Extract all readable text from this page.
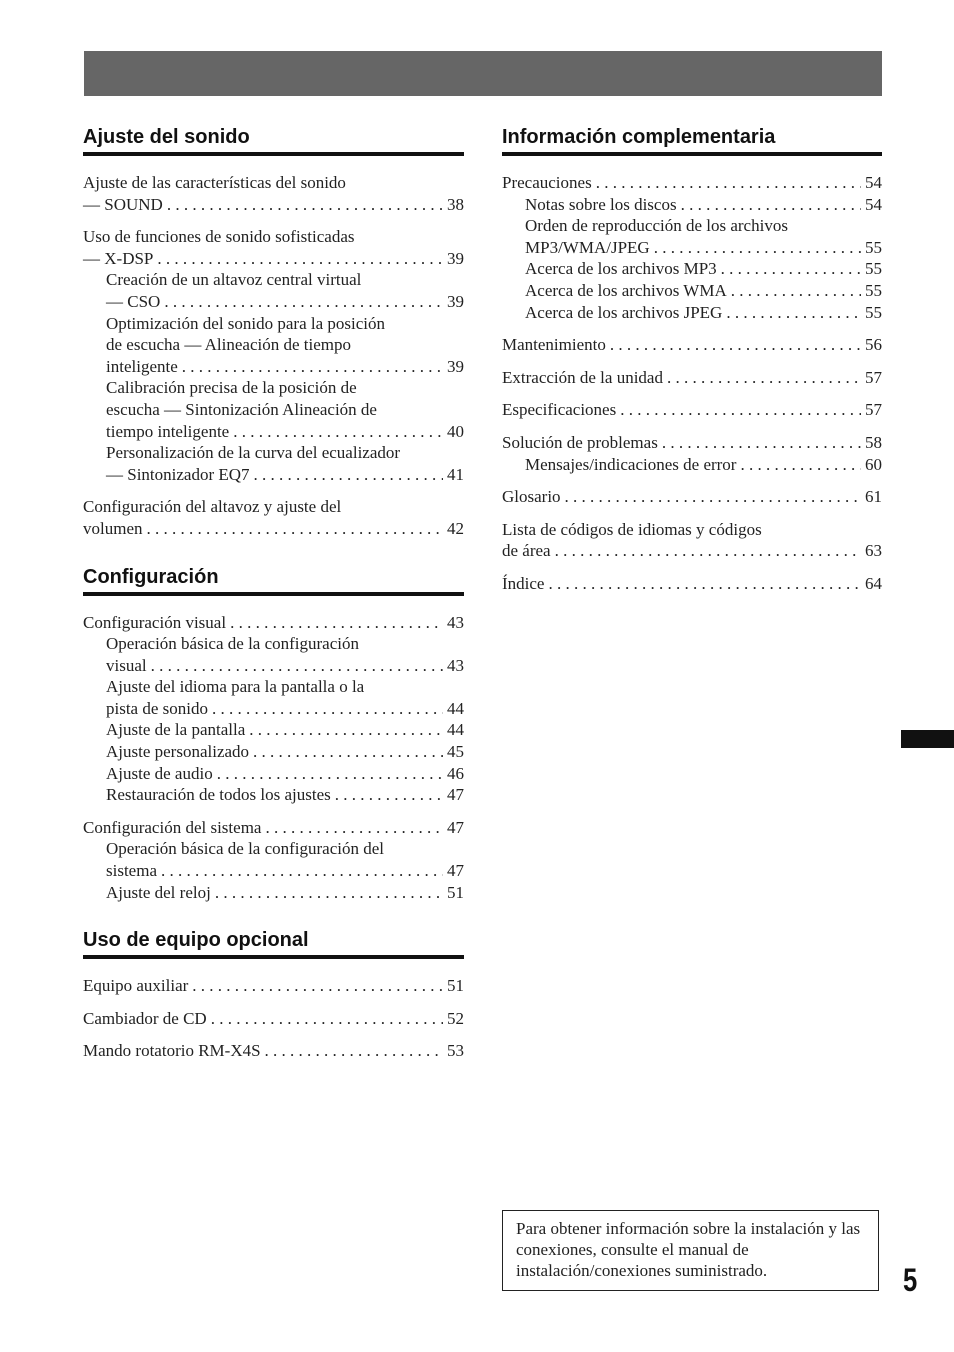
Ajuste del sonido
Ajuste de las características del sonido
— SOUND . . .	38
Uso de funciones de sonido sofisticadas
— X-DSP . . .	39
Creación de un altavoz central virtual
— CSO . . .	39
Optimización del sonido para la posición
de escucha — Alineación de tiempo
inteligente . . .	39
Calibración precisa de la posición de
escucha — Sintonización Alineación de
tiempo inteligente . . .	40
Personalización de la curva del ecualizador
— Sintonizador EQ7 . . .	41
Configuración del altavoz y ajuste del
volumen . . .	42
Configuración
Configuración visual . . .	43
Operación básica de la configuración
visual . . .	43
Ajuste del idioma para la pantalla o la
pista de sonido . . .	44
Ajuste de la pantalla . . .	44
Ajuste personalizado . . .	45
Ajuste de audio . . .	46
Restauración de todos los ajustes . . .	47
Configuración del sistema . . .	47
Operación básica de la configuración del
sistema . . .	47
Ajuste del reloj . . .	51
Uso de equipo opcional
Equipo auxiliar . . .	51
Cambiador de CD . . .	52
Mando rotatorio RM-X4S . . .	53
Información complementaria
Precauciones . . .	54
Notas sobre los discos . . .	54
Orden de reproducción de los archivos
MP3/WMA/JPEG . . .	55
Acerca de los archivos MP3 . . .	55
Acerca de los archivos WMA . . .	55
Acerca de los archivos JPEG . . .	55
Mantenimiento . . .	56
Extracción de la unidad . . .	57
Especificaciones . . .	57
Solución de problemas . . .	58
Mensajes/indicaciones de error . . .	60
Glosario . . .	61
Lista de códigos de idiomas y códigos
de área . . .	63
Índice . . .	64
Para obtener información sobre la instalación y las conexiones, consulte el manual de instalación/conexiones suministrado.	5
